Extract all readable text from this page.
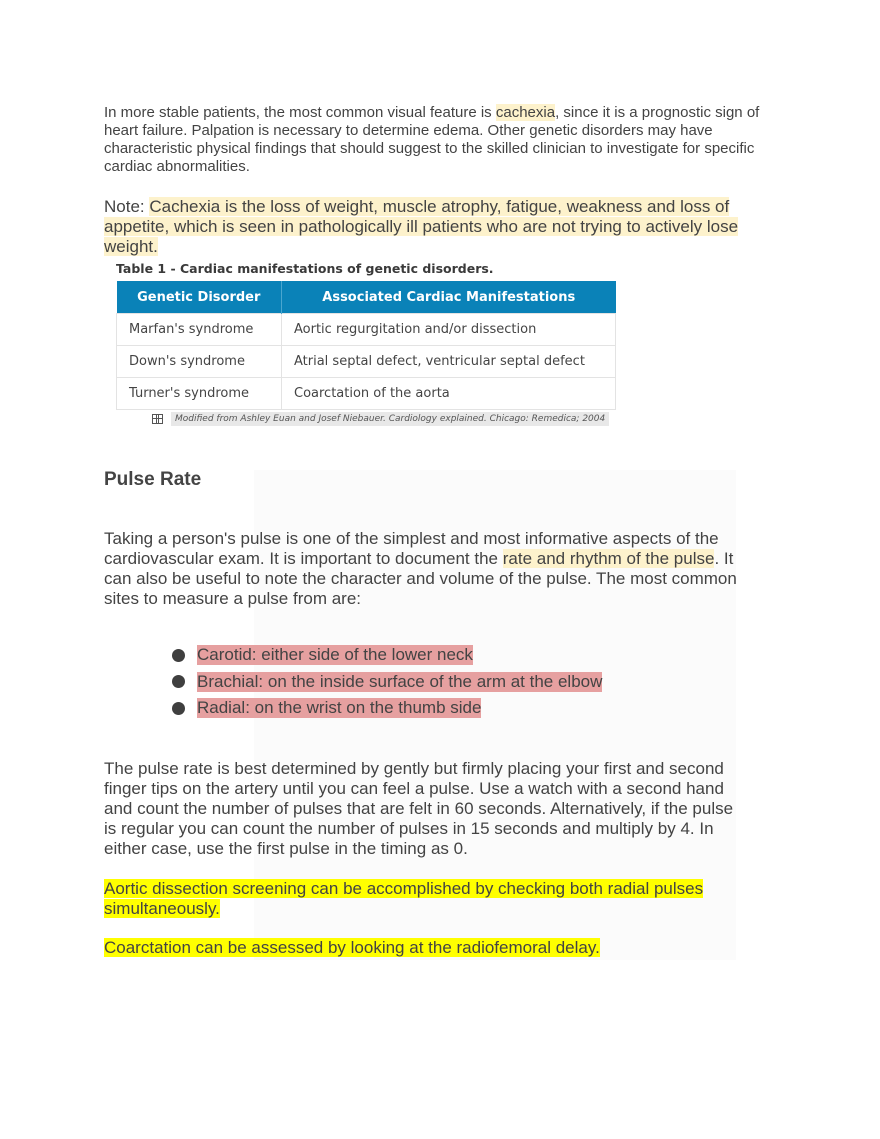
In more stable patients, the most common visual feature is cachexia, since it is a prognostic sign of heart failure. Palpation is necessary to determine edema. Other genetic disorders may have characteristic physical findings that should suggest to the skilled clinician to investigate for specific cardiac abnormalities.

Note: Cachexia is the loss of weight, muscle atrophy, fatigue, weakness and loss of appetite, which is seen in pathologically ill patients who are not trying to actively lose weight.

Table 1 - Cardiac manifestations of genetic disorders.

Genetic Disorder	Associated Cardiac Manifestations
Marfan's syndrome	Aortic regurgitation and/or dissection
Down's syndrome	Atrial septal defect, ventricular septal defect
Turner's syndrome	Coarctation of the aorta
Modified from Ashley Euan and Josef Niebauer. Cardiology explained. Chicago: Remedica; 2004
Pulse Rate

Taking a person's pulse is one of the simplest and most informative aspects of the cardiovascular exam. It is important to document the rate and rhythm of the pulse. It can also be useful to note the character and volume of the pulse. The most common sites to measure a pulse from are:

Carotid: either side of the lower neck
Brachial: on the inside surface of the arm at the elbow
Radial: on the wrist on the thumb side

The pulse rate is best determined by gently but firmly placing your first and second finger tips on the artery until you can feel a pulse. Use a watch with a second hand and count the number of pulses that are felt in 60 seconds. Alternatively, if the pulse is regular you can count the number of pulses in 15 seconds and multiply by 4. In either case, use the first pulse in the timing as 0.

Aortic dissection screening can be accomplished by checking both radial pulses simultaneously.

Coarctation can be assessed by looking at the radiofemoral delay.
